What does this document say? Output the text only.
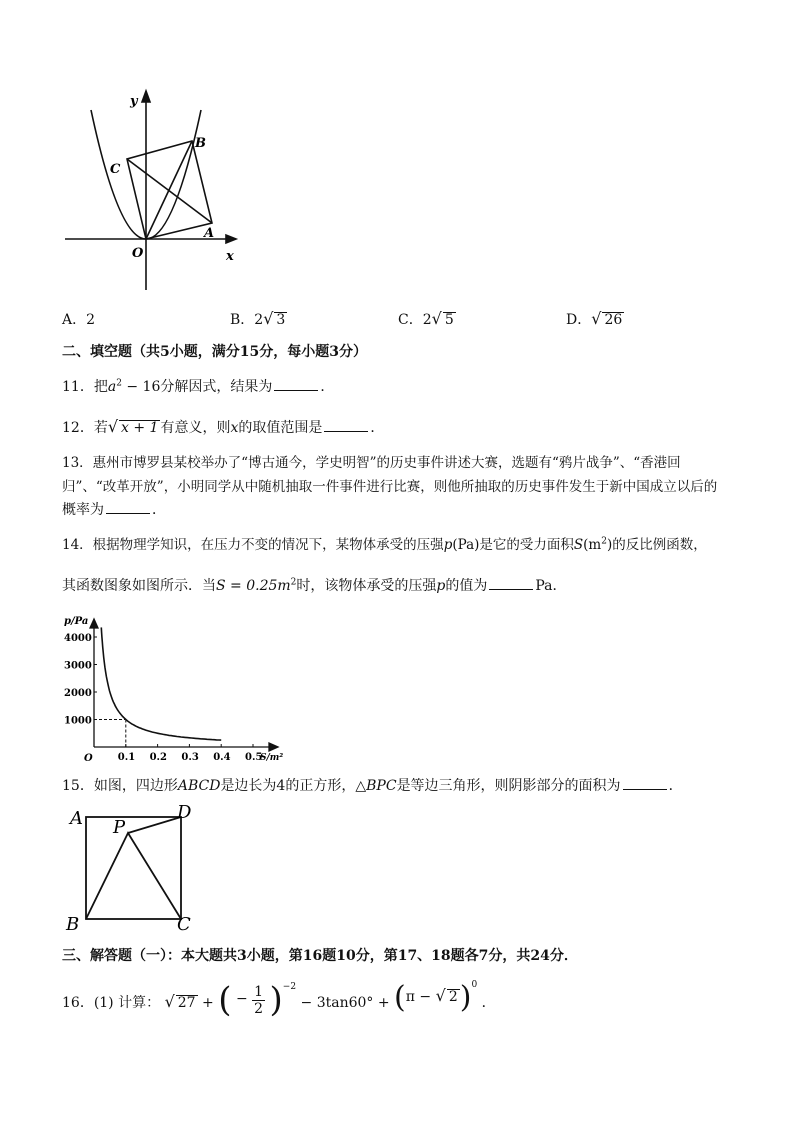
y
x
O
A
B
C
A．2	B．2√ 3	C．2√ 5	D．√ 26
二、填空题（共5小题，满分15分，每小题3分）
11．把$a^2 - 16$分解因式，结果为	．
12．若√ x + 1 有意义，则x的取值范围是	．
13．惠州市博罗县某校举办了“博古通今，学史明智”的历史事件讲述大赛，选题有“鸦片战争”、“香港回
归”、“改革开放”，小明同学从中随机抽取一件事件进行比赛，则他所抽取的历史事件发生于新中国成立以后的
概率为	．
14．根据物理学知识，在压力不变的情况下，某物体承受的压强p(Pa)是它的受力面积$S(m^2)$的反比例函数，
其函数图象如图所示．当$S = 0.25m^2$时，该物体承受的压强p的值为	Pa．
p/Pa
S/m²
O	0.1 0.2 0.3 0.4 0.5
1000
2000
3000
4000
15．如图，四边形ABCD是边长为4的正方形，△BPC是等边三角形，则阴影部分的面积为	．
A P
D
B	C
三、解答题（一）：本大题共3小题，第16题10分，第17、18题各7分，共24分．
16．(1) 计算： √ 27 + ( − $\frac{1}{2} )^{-2} - 3\tan 60^\circ + (\pi$ − √ 2)$^0$ ．
